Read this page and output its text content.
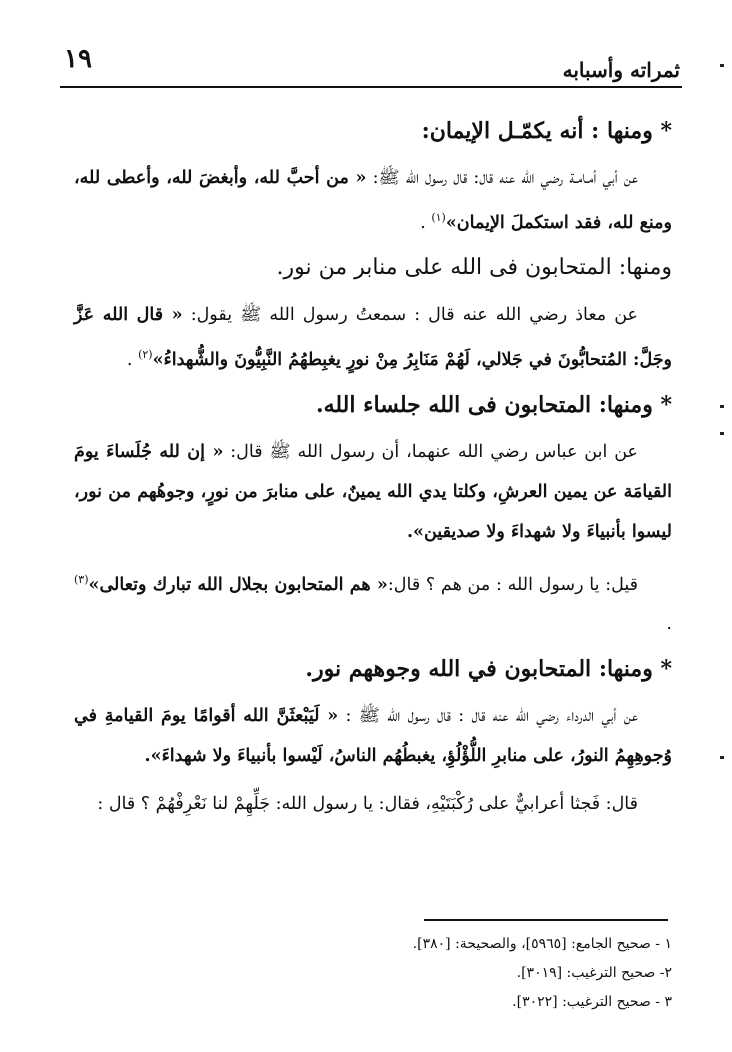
١٩	ثمراته وأسبابه
* ومنها : أنه يكمّـل الإيمان:

عن أبي أمـامـة رضي الله عنه قال: قال رسول الله ﷺ: « من أحبَّ لله، وأبغضَ لله، وأعطى لله، ومنع لله، فقد استكملَ الإيمان»$^{(١)}$ .

ومنها: المتحابون فى الله على منابر من نور.

عن معاذ رضي الله عنه قال : سمعتُ رسول الله ﷺ يقول: « قال الله عَزَّ وجَلَّ: المُتحابُّونَ في جَلالي، لَهُمْ مَنَابِرُ مِنْ نورٍ يغبِطهُمُ النَّبِيُّونَ والشُّهداءُ»$^{(٢)}$ .

* ومنها: المتحابون فى الله جلساء الله.

عن ابن عباس رضي الله عنهما، أن رسول الله ﷺ قال: « إن لله جُلَساءَ يومَ القيامَة عن يمين العرشِ، وكلتا يدي الله يمينٌ، على منابرَ من نورٍ، وجوهُهم من نور، ليسوا بأنبياءَ ولا شهداءَ ولا صديقين».

قيل: يا رسول الله : من هم ؟ قال:« هم المتحابون بجلال الله تبارك وتعالى»$^{(٣)}$ .

* ومنها: المتحابون في الله وجوههم نور.

عن أبي الدرداء رضي الله عنه قال : قال رسول الله ﷺ : « لَيَبْعثَنَّ الله أقوامًا يومَ القيامةِ في وُجوهِهِمُ النورُ، على منابرِ اللُّؤْلُؤِ، يغبطُهُم الناسُ، لَيْسوا بأنبياءَ ولا شهداءَ».

قال: فَجثا أعرابيٌّ على رُكْبَتَيْهِ، فقال: يا رسول الله: جَلِّهِمْ لنا نَعْرِفْهُمْ ؟ قال :

١ - صحيح الجامع: [٥٩٦٥]، والصحيحة: [٣٨٠].
٢- صحيح الترغيب: [٣٠١٩].
٣ - صحيح الترغيب: [٣٠٢٢].
